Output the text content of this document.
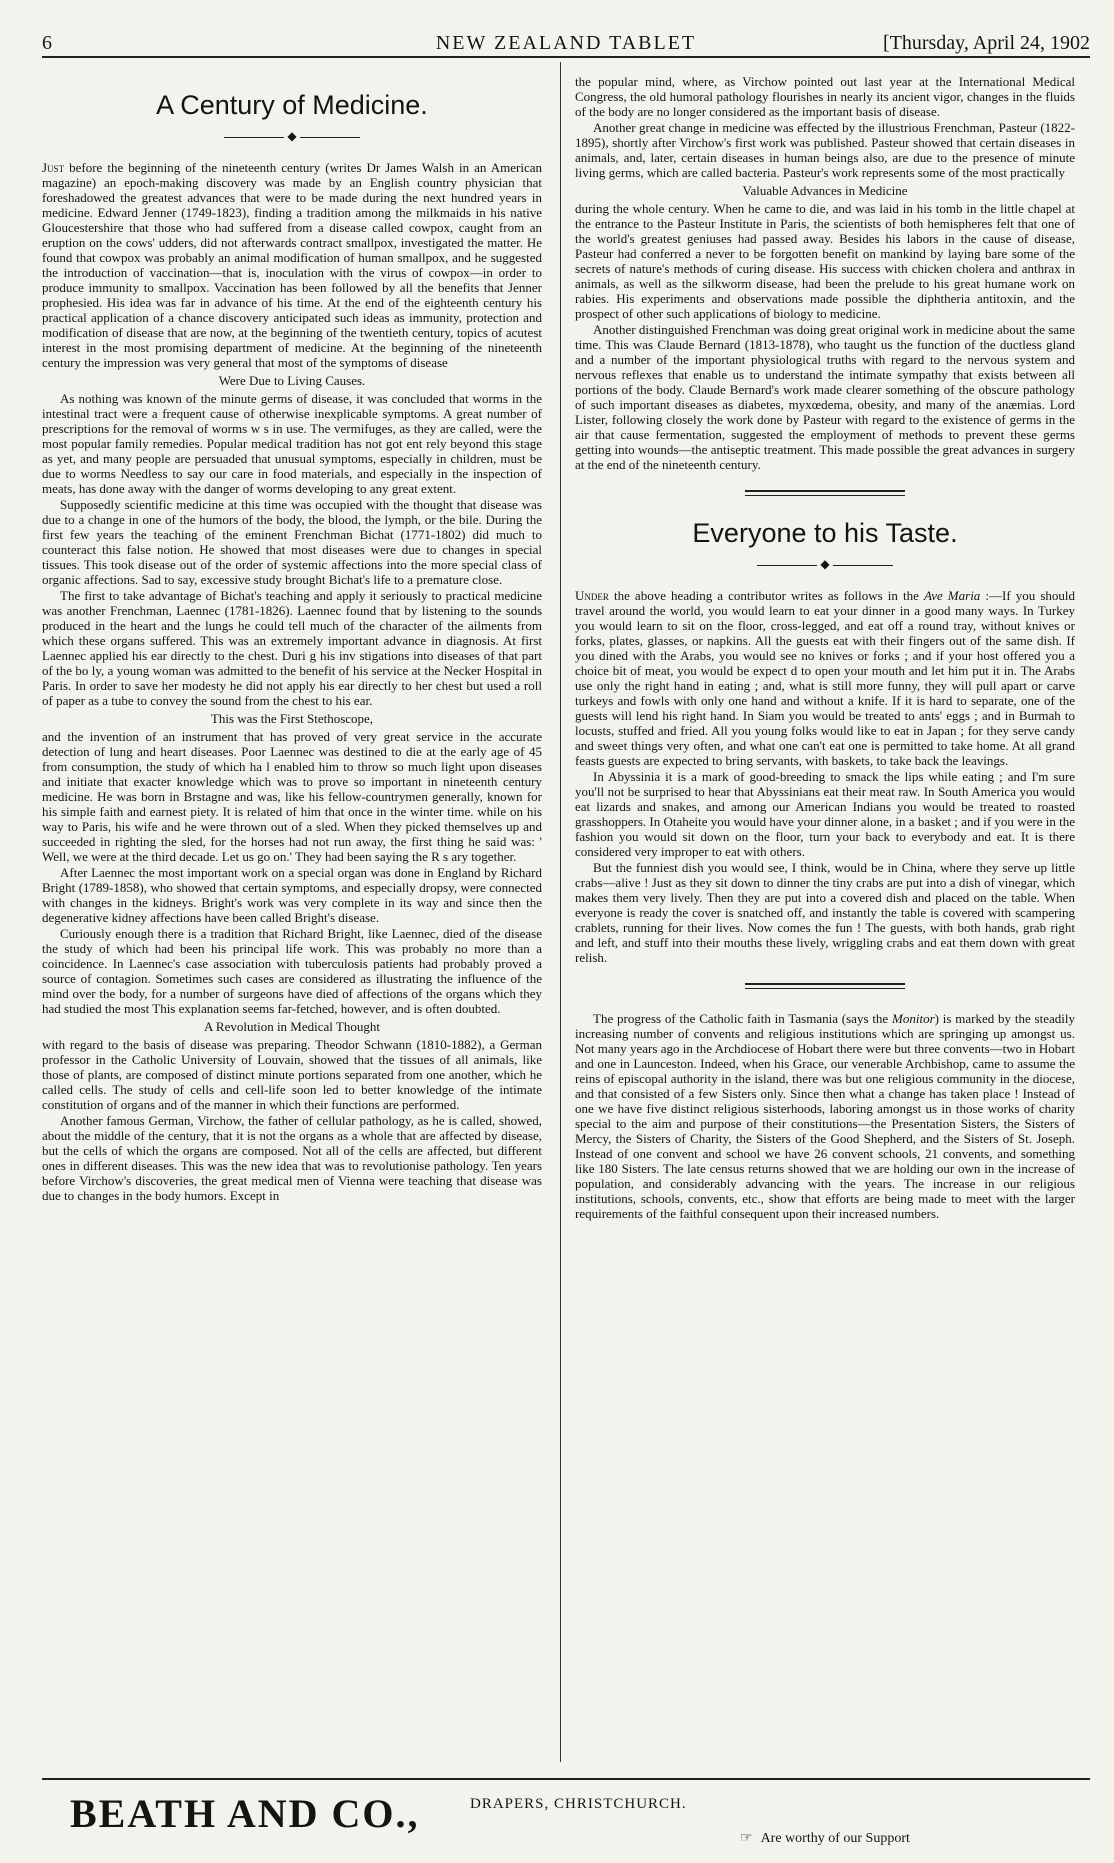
6	NEW ZEALAND TABLET	[Thursday, April 24, 1902
A Century of Medicine.
◆

Just before the beginning of the nineteenth century (writes Dr James Walsh in an American magazine) an epoch-making discovery was made by an English country physician that foreshadowed the greatest advances that were to be made during the next hundred years in medicine. Edward Jenner (1749-1823), finding a tradition among the milkmaids in his native Gloucestershire that those who had suffered from a disease called cowpox, caught from an eruption on the cows' udders, did not afterwards contract smallpox, investigated the matter. He found that cowpox was probably an animal modification of human smallpox, and he suggested the introduction of vaccination—that is, inoculation with the virus of cowpox—in order to produce immunity to smallpox. Vaccination has been followed by all the benefits that Jenner prophesied. His idea was far in advance of his time. At the end of the eighteenth century his practical application of a chance discovery anticipated such ideas as immunity, protection and modification of disease that are now, at the beginning of the twentieth century, topics of acutest interest in the most promising department of medicine. At the beginning of the nineteenth century the impression was very general that most of the symptoms of disease

Were Due to Living Causes.

As nothing was known of the minute germs of disease, it was concluded that worms in the intestinal tract were a frequent cause of otherwise inexplicable symptoms. A great number of prescriptions for the removal of worms w s in use. The vermifuges, as they are called, were the most popular family remedies. Popular medical tradition has not got ent rely beyond this stage as yet, and many people are persuaded that unusual symptoms, especially in children, must be due to worms Needless to say our care in food materials, and especially in the inspection of meats, has done away with the danger of worms developing to any great extent.

Supposedly scientific medicine at this time was occupied with the thought that disease was due to a change in one of the humors of the body, the blood, the lymph, or the bile. During the first few years the teaching of the eminent Frenchman Bichat (1771-1802) did much to counteract this false notion. He showed that most diseases were due to changes in special tissues. This took disease out of the order of systemic affections into the more special class of organic affections. Sad to say, excessive study brought Bichat's life to a premature close.

The first to take advantage of Bichat's teaching and apply it seriously to practical medicine was another Frenchman, Laennec (1781-1826). Laennec found that by listening to the sounds produced in the heart and the lungs he could tell much of the character of the ailments from which these organs suffered. This was an extremely important advance in diagnosis. At first Laennec applied his ear directly to the chest. Duri g his inv stigations into diseases of that part of the bo ly, a young woman was admitted to the benefit of his service at the Necker Hospital in Paris. In order to save her modesty he did not apply his ear directly to her chest but used a roll of paper as a tube to convey the sound from the chest to his ear.

This was the First Stethoscope,

and the invention of an instrument that has proved of very great service in the accurate detection of lung and heart diseases. Poor Laennec was destined to die at the early age of 45 from consumption, the study of which ha l enabled him to throw so much light upon diseases and initiate that exacter knowledge which was to prove so important in nineteenth century medicine. He was born in Brstagne and was, like his fellow-countrymen generally, known for his simple faith and earnest piety. It is related of him that once in the winter time. while on his way to Paris, his wife and he were thrown out of a sled. When they picked themselves up and succeeded in righting the sled, for the horses had not run away, the first thing he said was: ' Well, we were at the third decade. Let us go on.' They had been saying the R s ary together.

After Laennec the most important work on a special organ was done in England by Richard Bright (1789-1858), who showed that certain symptoms, and especially dropsy, were connected with changes in the kidneys. Bright's work was very complete in its way and since then the degenerative kidney affections have been called Bright's disease.

Curiously enough there is a tradition that Richard Bright, like Laennec, died of the disease the study of which had been his principal life work. This was probably no more than a coincidence. In Laennec's case association with tuberculosis patients had probably proved a source of contagion. Sometimes such cases are considered as illustrating the influence of the mind over the body, for a number of surgeons have died of affections of the organs which they had studied the most This explanation seems far-fetched, however, and is often doubted.

A Revolution in Medical Thought

with regard to the basis of disease was preparing. Theodor Schwann (1810-1882), a German professor in the Catholic University of Louvain, showed that the tissues of all animals, like those of plants, are composed of distinct minute portions separated from one another, which he called cells. The study of cells and cell-life soon led to better knowledge of the intimate constitution of organs and of the manner in which their functions are performed.

Another famous German, Virchow, the father of cellular pathology, as he is called, showed, about the middle of the century, that it is not the organs as a whole that are affected by disease, but the cells of which the organs are composed. Not all of the cells are affected, but different ones in different diseases. This was the new idea that was to revolutionise pathology. Ten years before Virchow's discoveries, the great medical men of Vienna were teaching that disease was due to changes in the body humors. Except in

the popular mind, where, as Virchow pointed out last year at the International Medical Congress, the old humoral pathology flourishes in nearly its ancient vigor, changes in the fluids of the body are no longer considered as the important basis of disease.

Another great change in medicine was effected by the illustrious Frenchman, Pasteur (1822-1895), shortly after Virchow's first work was published. Pasteur showed that certain diseases in animals, and, later, certain diseases in human beings also, are due to the presence of minute living germs, which are called bacteria. Pasteur's work represents some of the most practically

Valuable Advances in Medicine

during the whole century. When he came to die, and was laid in his tomb in the little chapel at the entrance to the Pasteur Institute in Paris, the scientists of both hemispheres felt that one of the world's greatest geniuses had passed away. Besides his labors in the cause of disease, Pasteur had conferred a never to be forgotten benefit on mankind by laying bare some of the secrets of nature's methods of curing disease. His success with chicken cholera and anthrax in animals, as well as the silkworm disease, had been the prelude to his great humane work on rabies. His experiments and observations made possible the diphtheria antitoxin, and the prospect of other such applications of biology to medicine.

Another distinguished Frenchman was doing great original work in medicine about the same time. This was Claude Bernard (1813-1878), who taught us the function of the ductless gland and a number of the important physiological truths with regard to the nervous system and nervous reflexes that enable us to understand the intimate sympathy that exists between all portions of the body. Claude Bernard's work made clearer something of the obscure pathology of such important diseases as diabetes, myxœdema, obesity, and many of the anæmias. Lord Lister, following closely the work done by Pasteur with regard to the existence of germs in the air that cause fermentation, suggested the employment of methods to prevent these germs getting into wounds—the antiseptic treatment. This made possible the great advances in surgery at the end of the nineteenth century.

Everyone to his Taste.
◆

Under the above heading a contributor writes as follows in the Ave Maria :—If you should travel around the world, you would learn to eat your dinner in a good many ways. In Turkey you would learn to sit on the floor, cross-legged, and eat off a round tray, without knives or forks, plates, glasses, or napkins. All the guests eat with their fingers out of the same dish. If you dined with the Arabs, you would see no knives or forks ; and if your host offered you a choice bit of meat, you would be expect d to open your mouth and let him put it in. The Arabs use only the right hand in eating ; and, what is still more funny, they will pull apart or carve turkeys and fowls with only one hand and without a knife. If it is hard to separate, one of the guests will lend his right hand. In Siam you would be treated to ants' eggs ; and in Burmah to locusts, stuffed and fried. All you young folks would like to eat in Japan ; for they serve candy and sweet things very often, and what one can't eat one is permitted to take home. At all grand feasts guests are expected to bring servants, with baskets, to take back the leavings.

In Abyssinia it is a mark of good-breeding to smack the lips while eating ; and I'm sure you'll not be surprised to hear that Abyssinians eat their meat raw. In South America you would eat lizards and snakes, and among our American Indians you would be treated to roasted grasshoppers. In Otaheite you would have your dinner alone, in a basket ; and if you were in the fashion you would sit down on the floor, turn your back to everybody and eat. It is there considered very improper to eat with others.

But the funniest dish you would see, I think, would be in China, where they serve up little crabs—alive ! Just as they sit down to dinner the tiny crabs are put into a dish of vinegar, which makes them very lively. Then they are put into a covered dish and placed on the table. When everyone is ready the cover is snatched off, and instantly the table is covered with scampering crablets, running for their lives. Now comes the fun ! The guests, with both hands, grab right and left, and stuff into their mouths these lively, wriggling crabs and eat them down with great relish.

The progress of the Catholic faith in Tasmania (says the Monitor) is marked by the steadily increasing number of convents and religious institutions which are springing up amongst us. Not many years ago in the Archdiocese of Hobart there were but three convents—two in Hobart and one in Launceston. Indeed, when his Grace, our venerable Archbishop, came to assume the reins of episcopal authority in the island, there was but one religious community in the diocese, and that consisted of a few Sisters only. Since then what a change has taken place ! Instead of one we have five distinct religious sisterhoods, laboring amongst us in those works of charity special to the aim and purpose of their constitutions—the Presentation Sisters, the Sisters of Mercy, the Sisters of Charity, the Sisters of the Good Shepherd, and the Sisters of St. Joseph. Instead of one convent and school we have 26 convent schools, 21 convents, and something like 180 Sisters. The late census returns showed that we are holding our own in the increase of population, and considerably advancing with the years. The increase in our religious institutions, schools, convents, etc., show that efforts are being made to meet with the larger requirements of the faithful consequent upon their increased numbers.

BEATH AND CO.,	DRAPERS, CHRISTCHURCH.
☞ Are worthy of our Support
